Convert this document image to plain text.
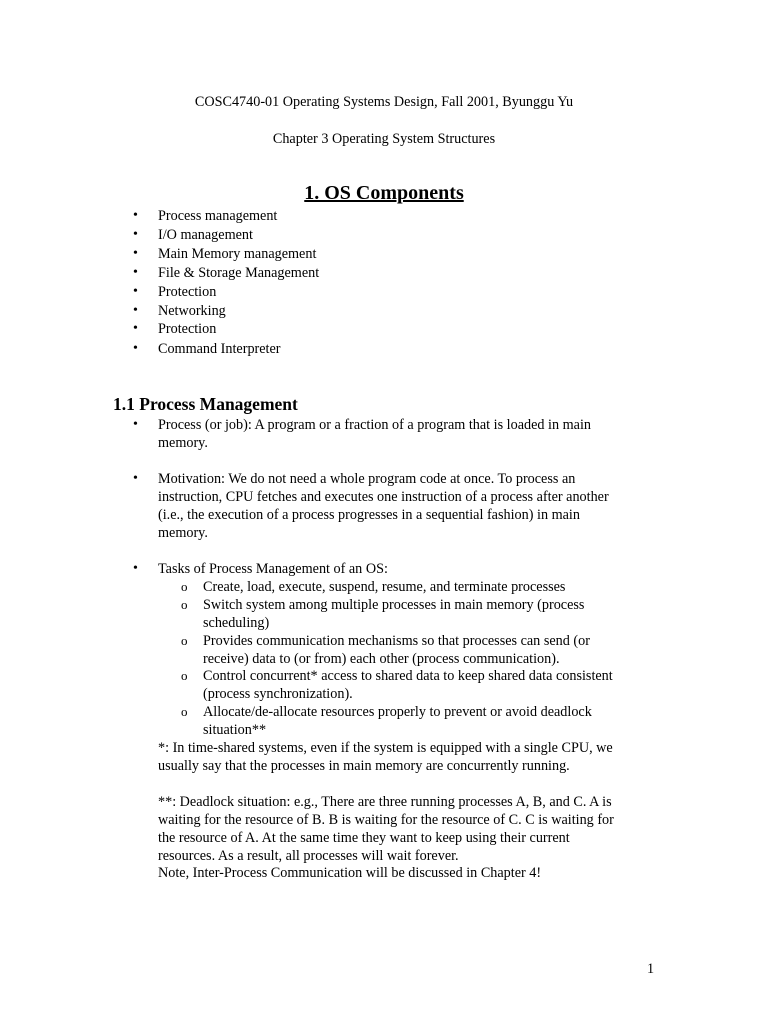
COSC4740-01 Operating Systems Design, Fall 2001, Byunggu Yu
Chapter 3 Operating System Structures
1. OS Components
• Process management
• I/O management
• Main Memory management
• File & Storage Management
• Protection
• Networking
• Protection
• Command Interpreter
1.1 Process Management
• Process (or job): A program or a fraction of a program that is loaded in main
memory.
• Motivation: We do not need a whole program code at once. To process an
instruction, CPU fetches and executes one instruction of a process after another
(i.e., the execution of a process progresses in a sequential fashion) in main
memory.
• Tasks of Process Management of an OS:
o Create, load, execute, suspend, resume, and terminate processes
o Switch system among multiple processes in main memory (process
scheduling)
o Provides communication mechanisms so that processes can send (or
receive) data to (or from) each other (process communication).
o Control concurrent* access to shared data to keep shared data consistent
(process synchronization).
o Allocate/de-allocate resources properly to prevent or avoid deadlock
situation**
*: In time-shared systems, even if the system is equipped with a single CPU, we
usually say that the processes in main memory are concurrently running.
**: Deadlock situation: e.g., There are three running processes A, B, and C. A is
waiting for the resource of B. B is waiting for the resource of C. C is waiting for
the resource of A. At the same time they want to keep using their current
resources. As a result, all processes will wait forever.
Note, Inter-Process Communication will be discussed in Chapter 4!
1
